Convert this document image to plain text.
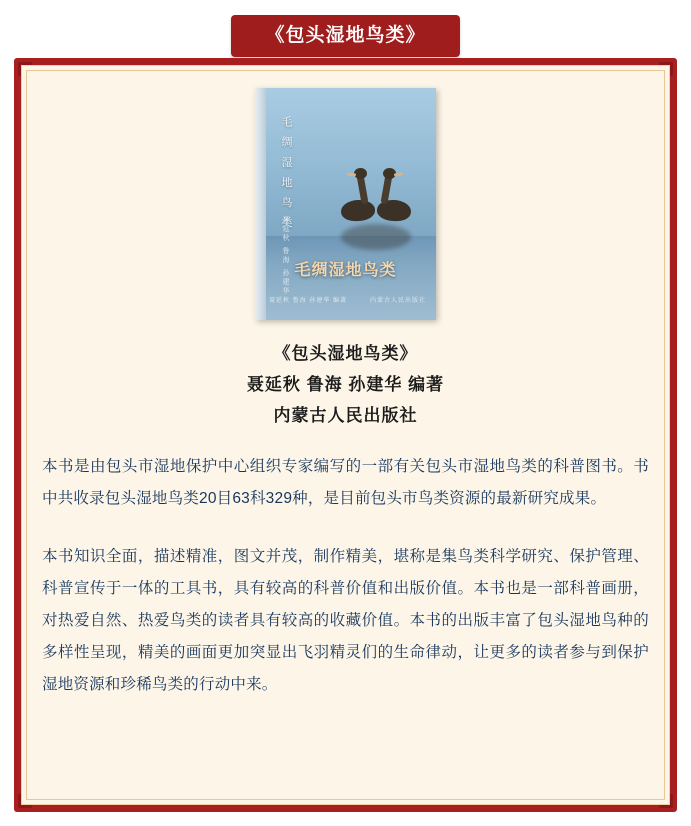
《包头湿地鸟类》
毛 绸 湿 地 鸟 类
聂延秋 鲁海 孙建华 毛绸湿地鸟类
聂延秋 鲁海 孙建华 编著	内蒙古人民出版社
《包头湿地鸟类》
聂延秋 鲁海 孙建华 编著
内蒙古人民出版社

本书是由包头市湿地保护中心组织专家编写的一部有关包头市湿地鸟类的科普图书。书中共收录包头湿地鸟类20目63科329种，是目前包头市鸟类资源的最新研究成果。

本书知识全面，描述精准，图文并茂，制作精美，堪称是集鸟类科学研究、保护管理、科普宣传于一体的工具书，具有较高的科普价值和出版价值。本书也是一部科普画册，对热爱自然、热爱鸟类的读者具有较高的收藏价值。本书的出版丰富了包头湿地鸟种的多样性呈现，精美的画面更加突显出飞羽精灵们的生命律动，让更多的读者参与到保护湿地资源和珍稀鸟类的行动中来。
